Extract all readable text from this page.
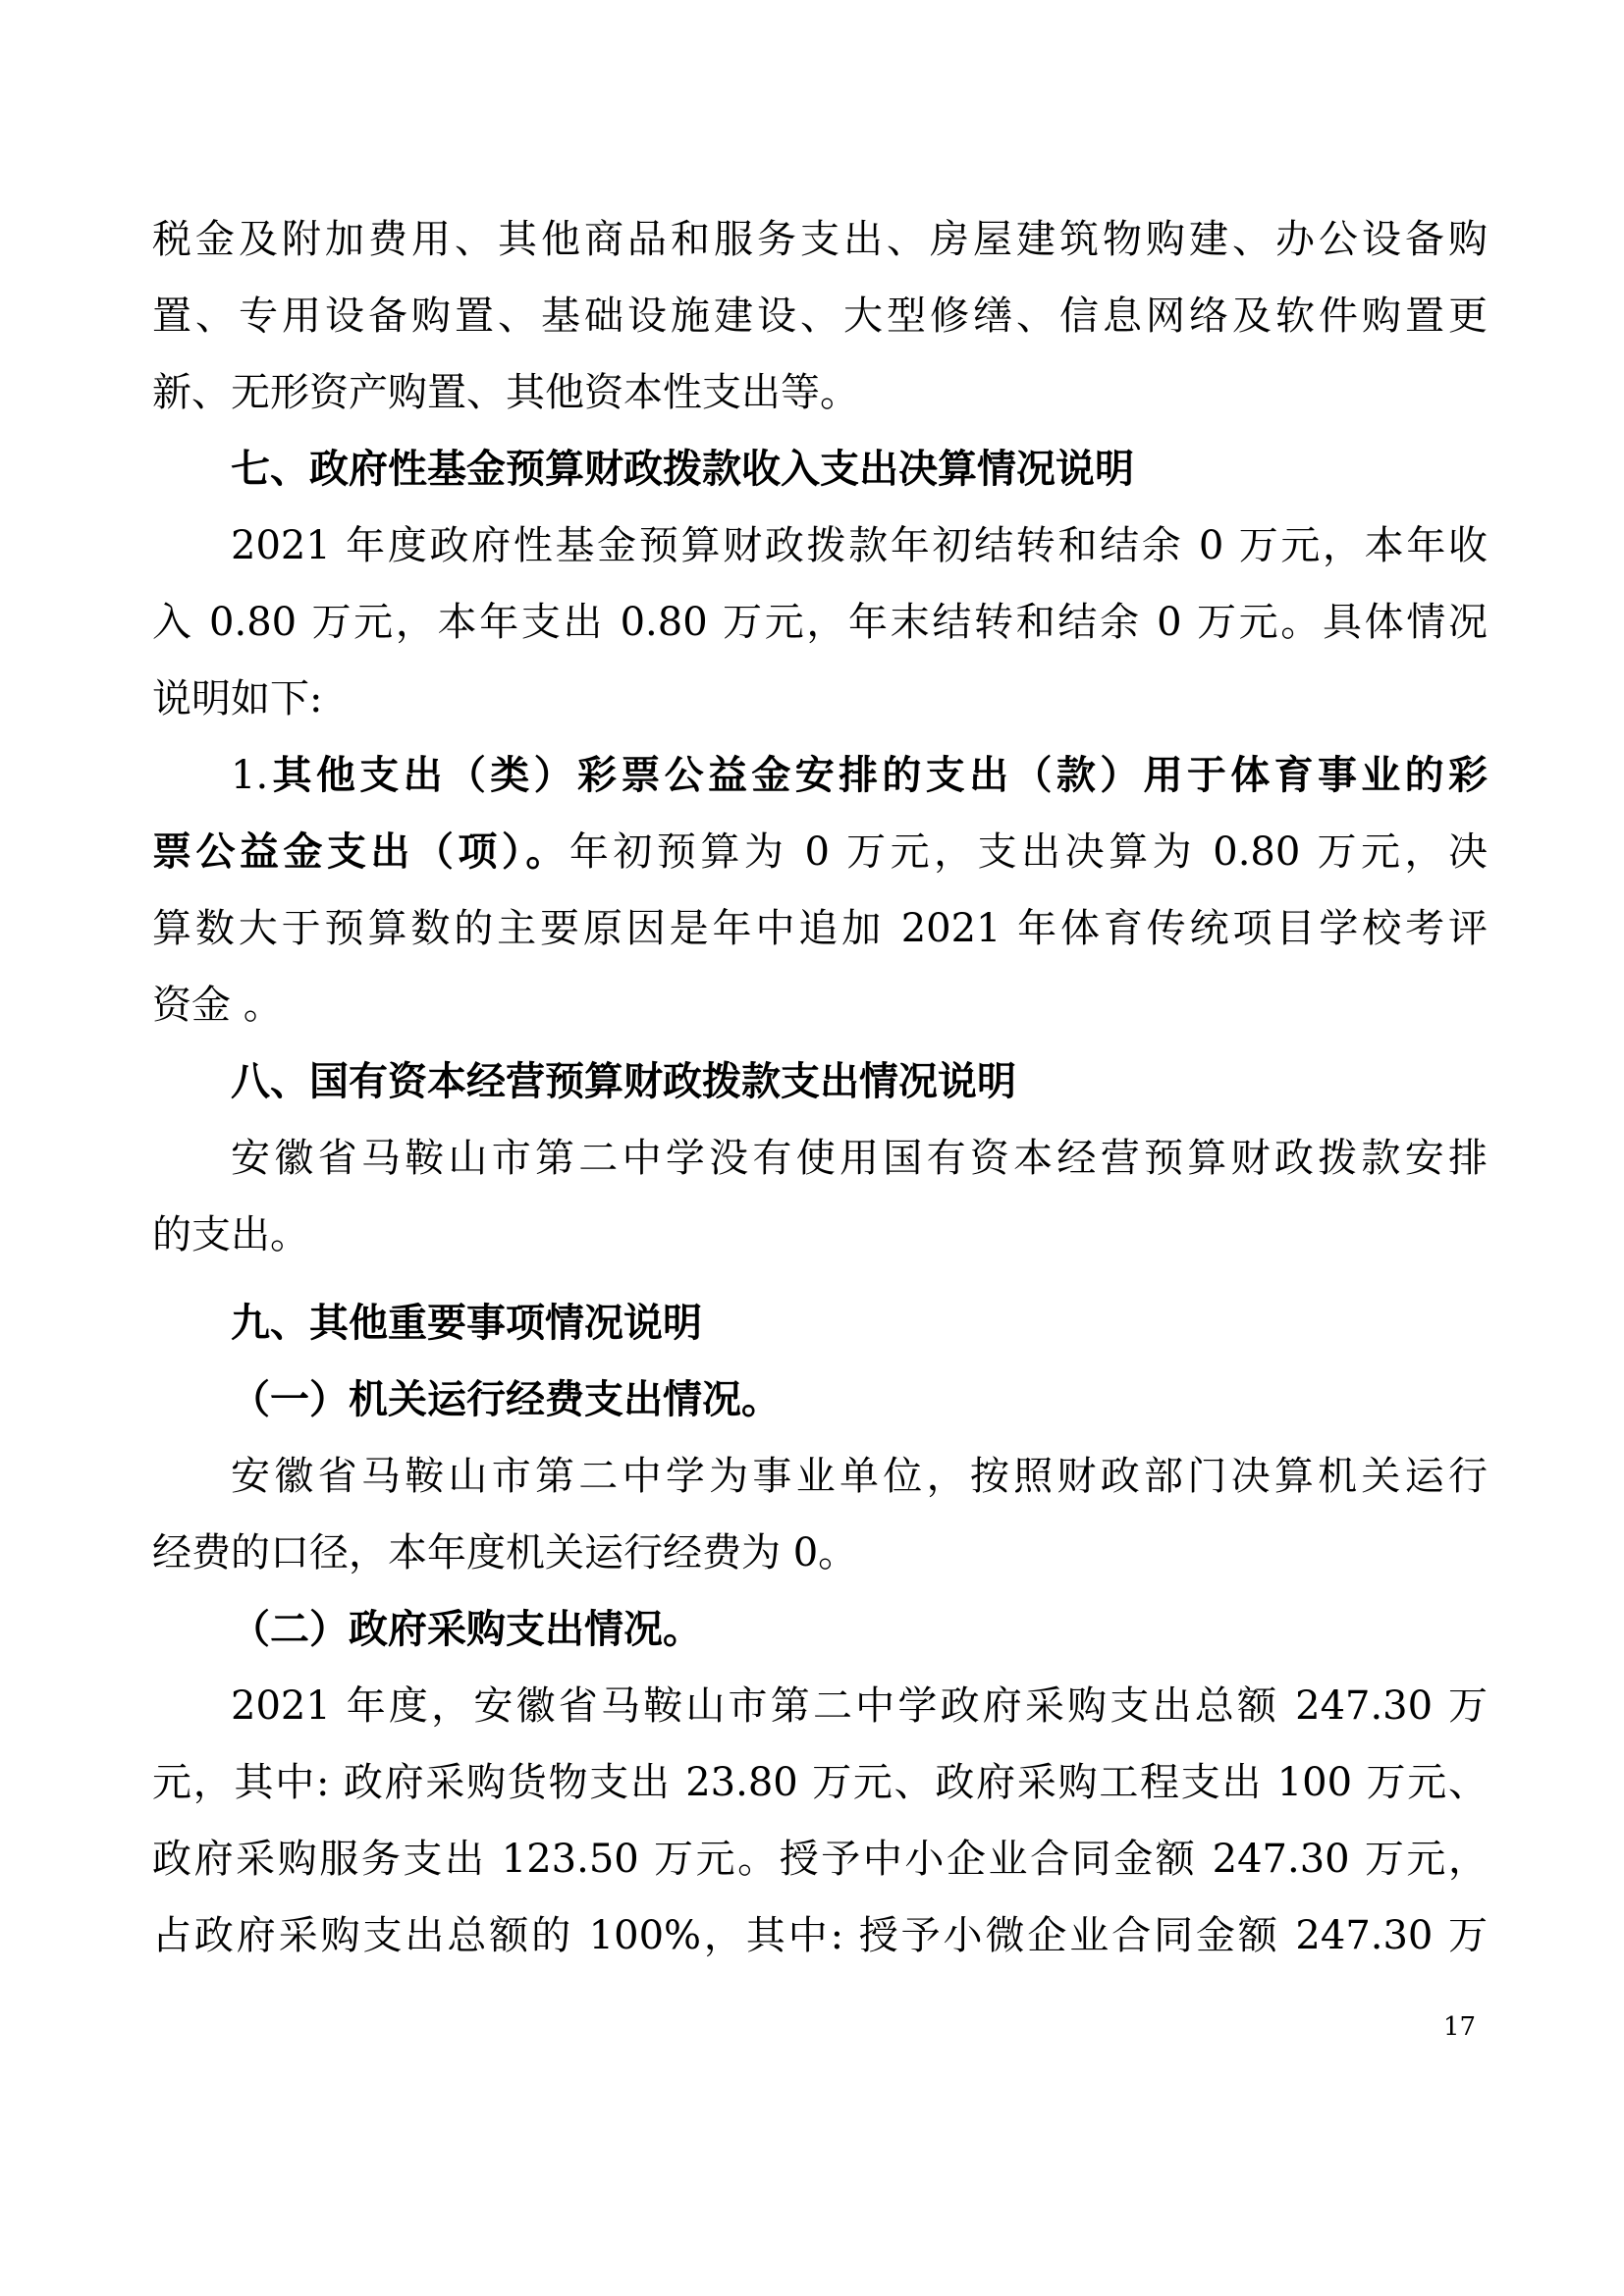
税金及附加费用、其他商品和服务支出、房屋建筑物购建、办公设备购

置、专用设备购置、基础设施建设、大型修缮、信息网络及软件购置更

新、无形资产购置、其他资本性支出等。

七、政府性基金预算财政拨款收入支出决算情况说明

2021 年度政府性基金预算财政拨款年初结转和结余 0 万元，本年收

入 0.80 万元，本年支出 0.80 万元，年末结转和结余 0 万元。具体情况

说明如下:

1.其他支出（类）彩票公益金安排的支出（款）用于体育事业的彩

票公益金支出（项）。年初预算为 0 万元，支出决算为 0.80 万元，决

算数大于预算数的主要原因是年中追加 2021 年体育传统项目学校考评

资金 。

八、国有资本经营预算财政拨款支出情况说明

安徽省马鞍山市第二中学没有使用国有资本经营预算财政拨款安排

的支出。

九、其他重要事项情况说明

（一）机关运行经费支出情况。

安徽省马鞍山市第二中学为事业单位，按照财政部门决算机关运行

经费的口径，本年度机关运行经费为 0。

（二）政府采购支出情况。

2021 年度，安徽省马鞍山市第二中学政府采购支出总额 247.30 万

元，其中: 政府采购货物支出 23.80 万元、政府采购工程支出 100 万元、

政府采购服务支出 123.50 万元。授予中小企业合同金额 247.30 万元，

占政府采购支出总额的 100%，其中: 授予小微企业合同金额 247.30 万

17
